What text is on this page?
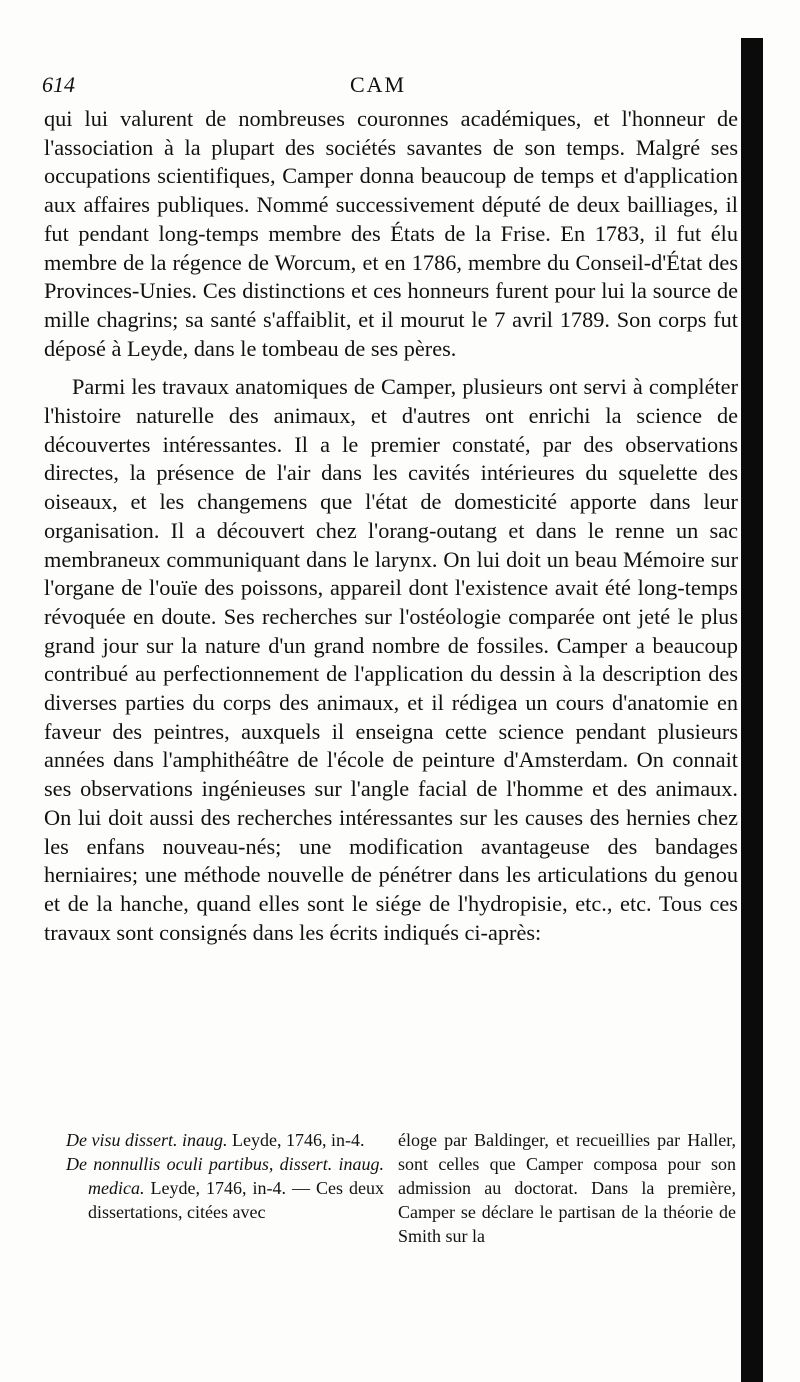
614	CAM

qui lui valurent de nombreuses couronnes académiques, et l'honneur de l'association à la plupart des sociétés savantes de son temps. Malgré ses occupations scientifiques, Camper donna beaucoup de temps et d'application aux affaires publiques. Nommé successivement député de deux bailliages, il fut pendant long-temps membre des États de la Frise. En 1783, il fut élu membre de la régence de Worcum, et en 1786, membre du Conseil-d'État des Provinces-Unies. Ces distinctions et ces honneurs furent pour lui la source de mille chagrins; sa santé s'affaiblit, et il mourut le 7 avril 1789. Son corps fut déposé à Leyde, dans le tombeau de ses pères.

Parmi les travaux anatomiques de Camper, plusieurs ont servi à compléter l'histoire naturelle des animaux, et d'autres ont enrichi la science de découvertes intéressantes. Il a le premier constaté, par des observations directes, la présence de l'air dans les cavités intérieures du squelette des oiseaux, et les changemens que l'état de domesticité apporte dans leur organisation. Il a découvert chez l'orang-outang et dans le renne un sac membraneux communiquant dans le larynx. On lui doit un beau Mémoire sur l'organe de l'ouïe des poissons, appareil dont l'existence avait été long-temps révoquée en doute. Ses recherches sur l'ostéologie comparée ont jeté le plus grand jour sur la nature d'un grand nombre de fossiles. Camper a beaucoup contribué au perfectionnement de l'application du dessin à la description des diverses parties du corps des animaux, et il rédigea un cours d'anatomie en faveur des peintres, auxquels il enseigna cette science pendant plusieurs années dans l'amphithéâtre de l'école de peinture d'Amsterdam. On connait ses observations ingénieuses sur l'angle facial de l'homme et des animaux. On lui doit aussi des recherches intéressantes sur les causes des hernies chez les enfans nouveau-nés; une modification avantageuse des bandages herniaires; une méthode nouvelle de pénétrer dans les articulations du genou et de la hanche, quand elles sont le siége de l'hydropisie, etc., etc. Tous ces travaux sont consignés dans les écrits indiqués ci-après:

De visu dissert. inaug. Leyde, 1746, in-4.

De nonnullis oculi partibus, dissert. inaug. medica. Leyde, 1746, in-4. — Ces deux dissertations, citées avec

éloge par Baldinger, et recueillies par Haller, sont celles que Camper composa pour son admission au doctorat. Dans la première, Camper se déclare le partisan de la théorie de Smith sur la
